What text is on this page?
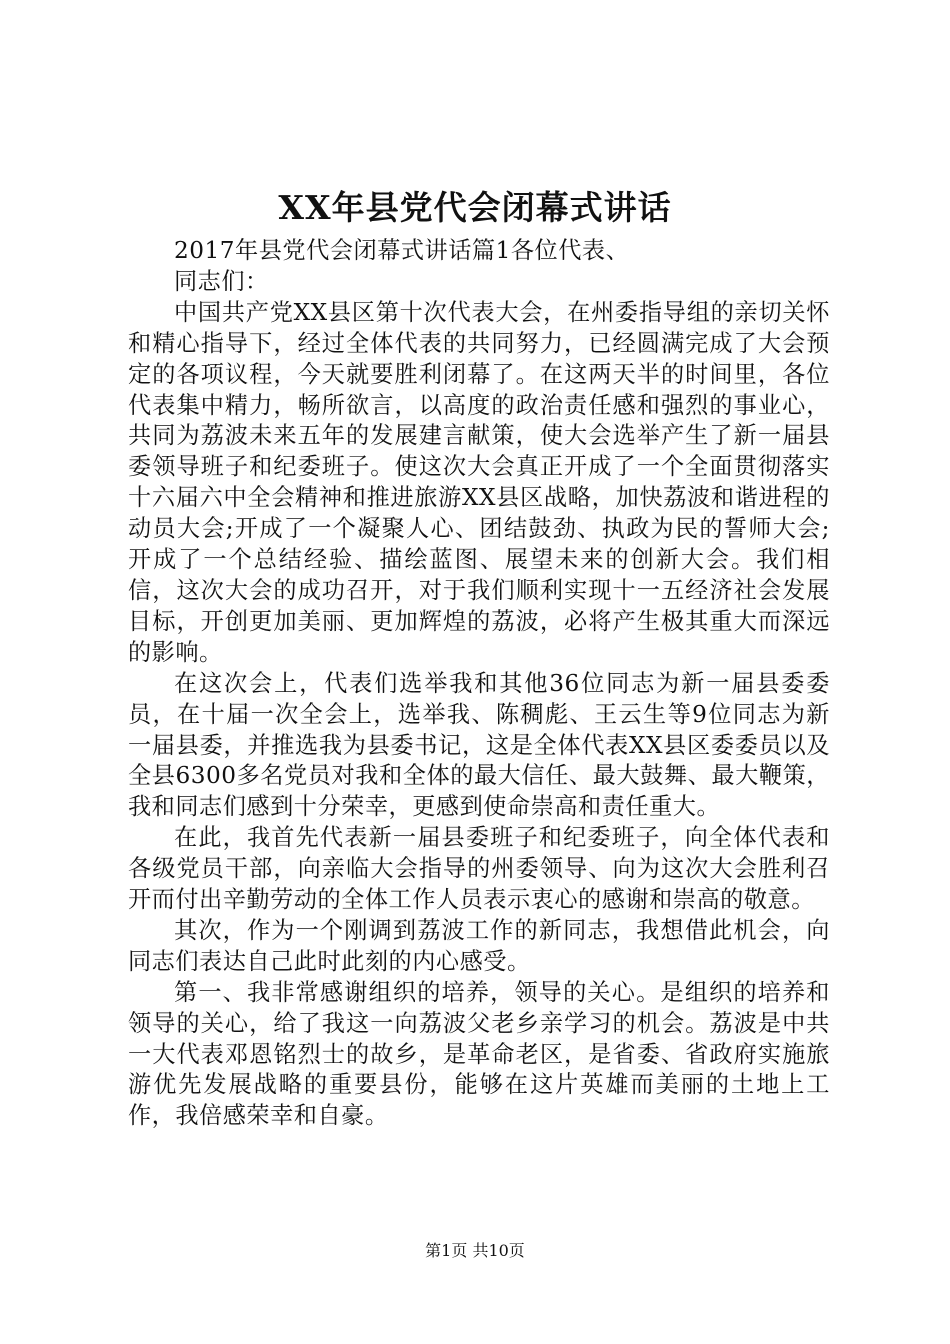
XX年县党代会闭幕式讲话

2017年县党代会闭幕式讲话篇1各位代表、

同志们：

中国共产党XX县区第十次代表大会，在州委指导组的亲切关怀和精心指导下，经过全体代表的共同努力，已经圆满完成了大会预定的各项议程，今天就要胜利闭幕了。在这两天半的时间里，各位代表集中精力，畅所欲言，以高度的政治责任感和强烈的事业心，共同为荔波未来五年的发展建言献策，使大会选举产生了新一届县委领导班子和纪委班子。使这次大会真正开成了一个全面贯彻落实十六届六中全会精神和推进旅游XX县区战略，加快荔波和谐进程的动员大会;开成了一个凝聚人心、团结鼓劲、执政为民的誓师大会;开成了一个总结经验、描绘蓝图、展望未来的创新大会。我们相信，这次大会的成功召开，对于我们顺利实现十一五经济社会发展目标，开创更加美丽、更加辉煌的荔波，必将产生极其重大而深远的影响。

在这次会上，代表们选举我和其他36位同志为新一届县委委员，在十届一次全会上，选举我、陈稠彪、王云生等9位同志为新一届县委，并推选我为县委书记，这是全体代表XX县区委委员以及全县6300多名党员对我和全体的最大信任、最大鼓舞、最大鞭策，我和同志们感到十分荣幸，更感到使命崇高和责任重大。

在此，我首先代表新一届县委班子和纪委班子，向全体代表和各级党员干部，向亲临大会指导的州委领导、向为这次大会胜利召开而付出辛勤劳动的全体工作人员表示衷心的感谢和崇高的敬意。

其次，作为一个刚调到荔波工作的新同志，我想借此机会，向同志们表达自己此时此刻的内心感受。

第一、我非常感谢组织的培养，领导的关心。是组织的培养和领导的关心，给了我这一向荔波父老乡亲学习的机会。荔波是中共一大代表邓恩铭烈士的故乡，是革命老区，是省委、省政府实施旅游优先发展战略的重要县份，能够在这片英雄而美丽的土地上工作，我倍感荣幸和自豪。

第1页 共10页
